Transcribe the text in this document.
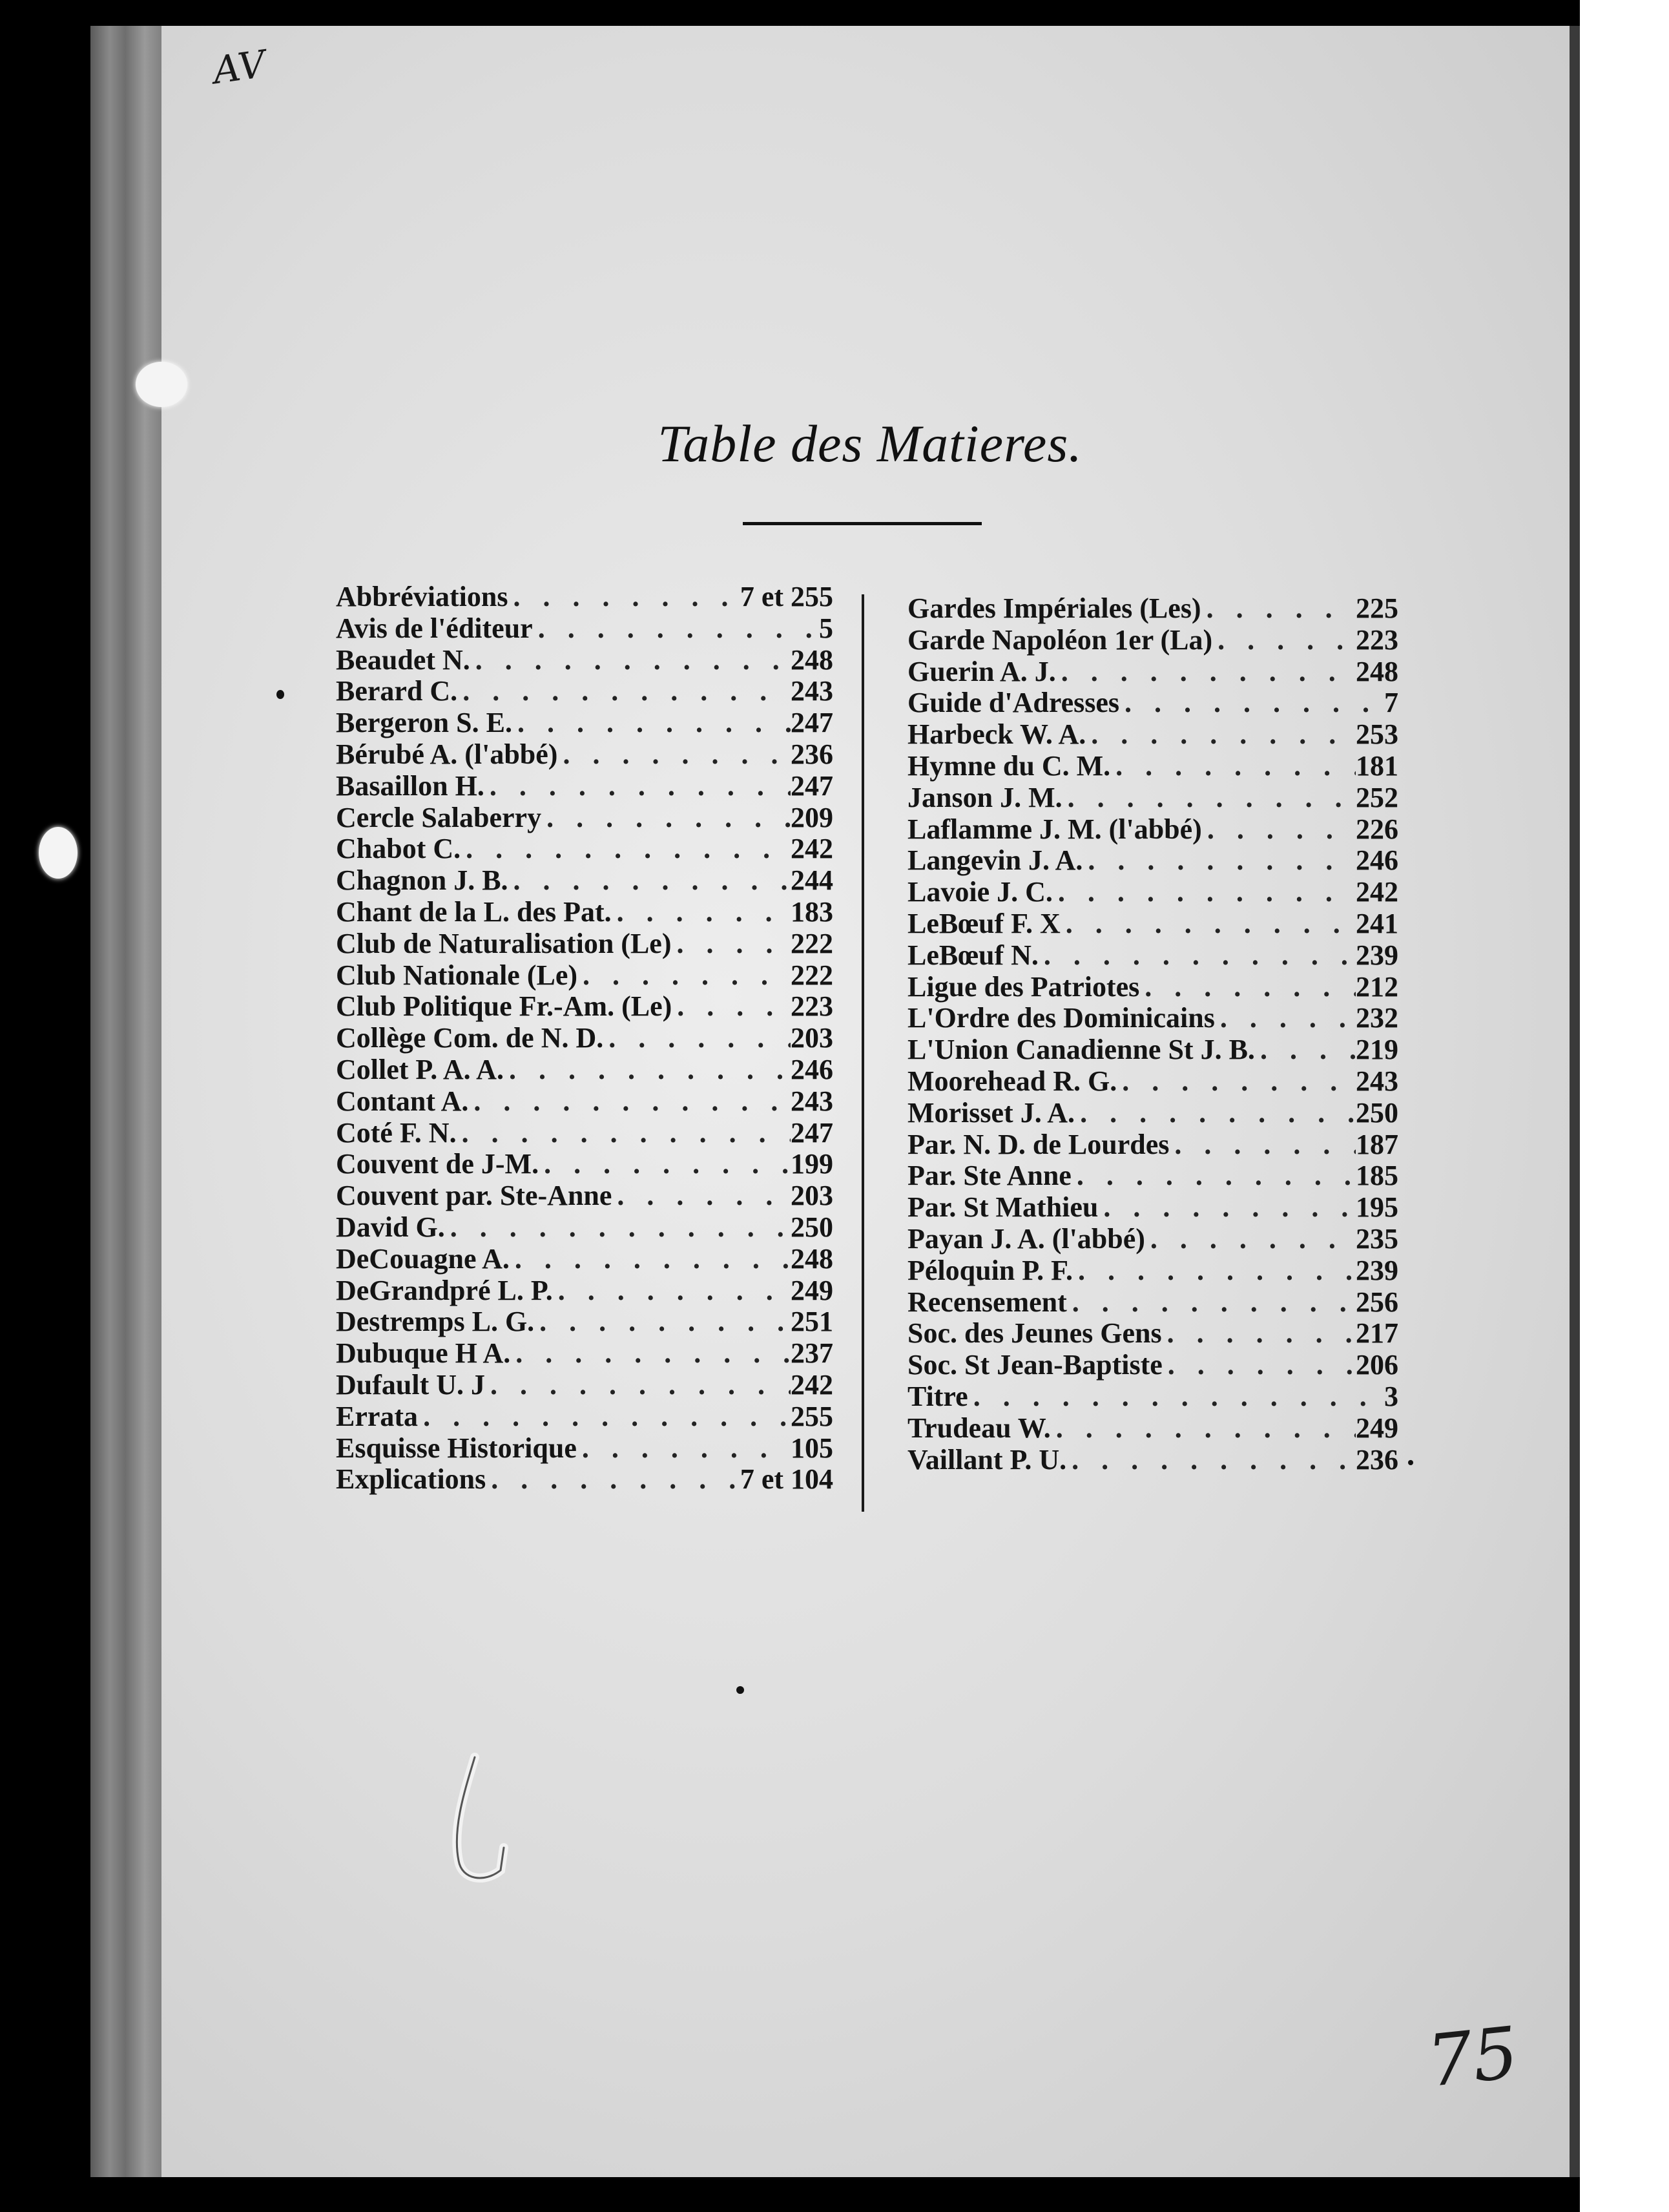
AV
Table des Matieres.
Abbréviations . . .	7 et 255
Avis de l'éditeur . . .	5
Beaudet N. . . .	248
Berard C. . . .	243
Bergeron S. E. . . .	247
Bérubé A. (l'abbé) . . .	236
Basaillon H. . . .	247
Cercle Salaberry . . .	209
Chabot C. . . .	242
Chagnon J. B. . . .	244
Chant de la L. des Pat. . . .	183
Club de Naturalisation (Le) . . .	222
Club Nationale (Le) . . .	222
Club Politique Fr.-Am. (Le) . . .	223
Collège Com. de N. D. . . .	203
Collet P. A. A. . . .	246
Contant A. . . .	243
Coté F. N. . . .	247
Couvent de J-M. . . .	199
Couvent par. Ste-Anne . . .	203
David G. . . .	250
DeCouagne A. . . .	248
DeGrandpré L. P. . . .	249
Destremps L. G. . . .	251
Dubuque H A. . . .	237
Dufault U. J . . .	242
Errata . . .	255
Esquisse Historique . . .	105
Explications . . .	7 et 104
Gardes Impériales (Les) . . .	225
Garde Napoléon 1er (La) . . .	223
Guerin A. J. . . .	248
Guide d'Adresses . . .	7
Harbeck W. A. . . .	253
Hymne du C. M. . . .	181
Janson J. M. . . .	252
Laflamme J. M. (l'abbé) . . .	226
Langevin J. A. . . .	246
Lavoie J. C. . . .	242
LeBœuf F. X . . .	241
LeBœuf N. . . .	239
Ligue des Patriotes . . .	212
L'Ordre des Dominicains . . .	232
L'Union Canadienne St J. B. . . .	219
Moorehead R. G. . . .	243
Morisset J. A. . . .	250
Par. N. D. de Lourdes . . .	187
Par. Ste Anne . . .	185
Par. St Mathieu . . .	195
Payan J. A. (l'abbé) . . .	235
Péloquin P. F. . . .	239
Recensement . . .	256
Soc. des Jeunes Gens . . .	217
Soc. St Jean-Baptiste . . .	206
Titre . . .	3
Trudeau W. . . .	249
Vaillant P. U. . . .	236
75
